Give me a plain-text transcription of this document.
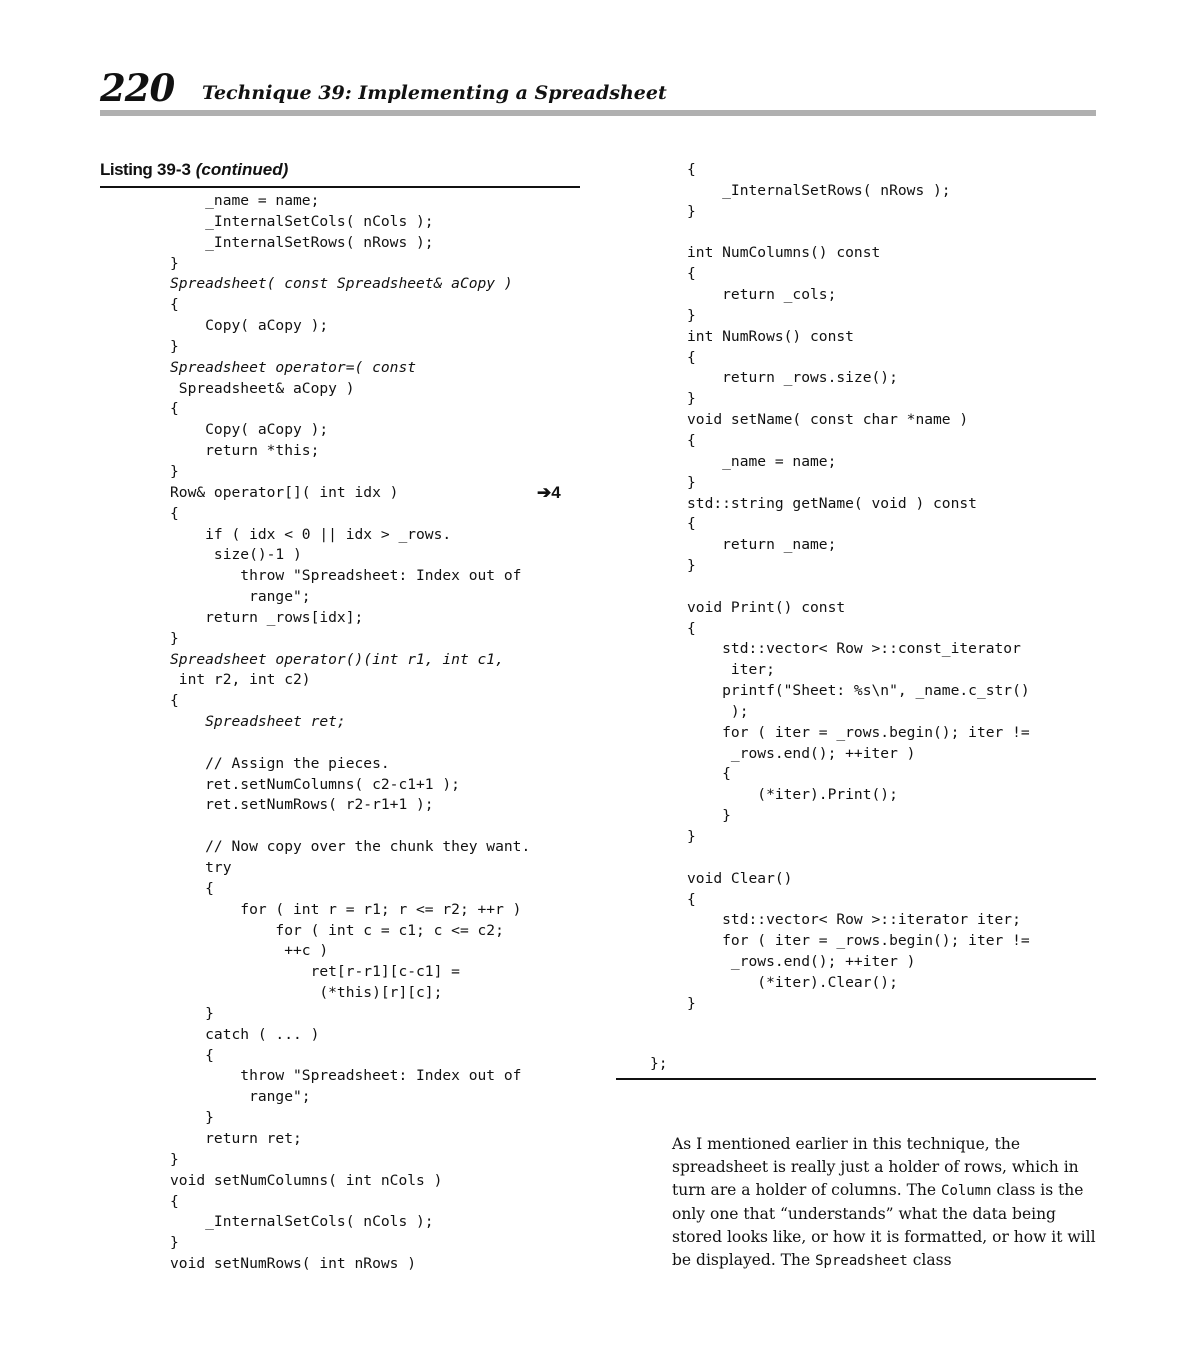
220 Technique 39: Implementing a Spreadsheet
Listing 39-3 (continued)
_name = name;
_InternalSetCols( nCols );
_InternalSetRows( nRows );
}
Spreadsheet( const Spreadsheet& aCopy )
{
Copy( aCopy );
}
Spreadsheet operator=( const
Spreadsheet& aCopy )
{
Copy( aCopy );
return *this;
}
Row& operator[]( int idx )
{
if ( idx < 0 || idx > _rows.
size()-1 )
throw "Spreadsheet: Index out of
range";
return _rows[idx];
}
Spreadsheet operator()(int r1, int c1,
int r2, int c2)
{
Spreadsheet ret;
// Assign the pieces.
ret.setNumColumns( c2-c1+1 );
ret.setNumRows( r2-r1+1 );
// Now copy over the chunk they want.
try
{
for ( int r = r1; r <= r2; ++r )
for ( int c = c1; c <= c2;
++c )
ret[r-r1][c-c1] =
(*this)[r][c];
}
catch ( ... )
{
throw "Spreadsheet: Index out of
range";
}
return ret;
}
void setNumColumns( int nCols )
{
_InternalSetCols( nCols );
}
void setNumRows( int nRows )
➔4
{
_InternalSetRows( nRows );
}
int NumColumns() const
{
return _cols;
}
int NumRows() const
{
return _rows.size();
}
void setName( const char *name )
{
_name = name;
}
std::string getName( void ) const
{
return _name;
}
void Print() const
{
std::vector< Row >::const_iterator
iter;
printf("Sheet: %s\n", _name.c_str()
);
for ( iter = _rows.begin(); iter !=
_rows.end(); ++iter )
{
(*iter).Print();
}
}
void Clear()
{
std::vector< Row >::iterator iter;
for ( iter = _rows.begin(); iter !=
_rows.end(); ++iter )
(*iter).Clear();
}
};

As I mentioned earlier in this technique, the spreadsheet is really just a holder of rows, which in turn are a holder of columns. The Column class is the only one that “understands” what the data being stored looks like, or how it is formatted, or how it will be displayed. The Spreadsheet class
